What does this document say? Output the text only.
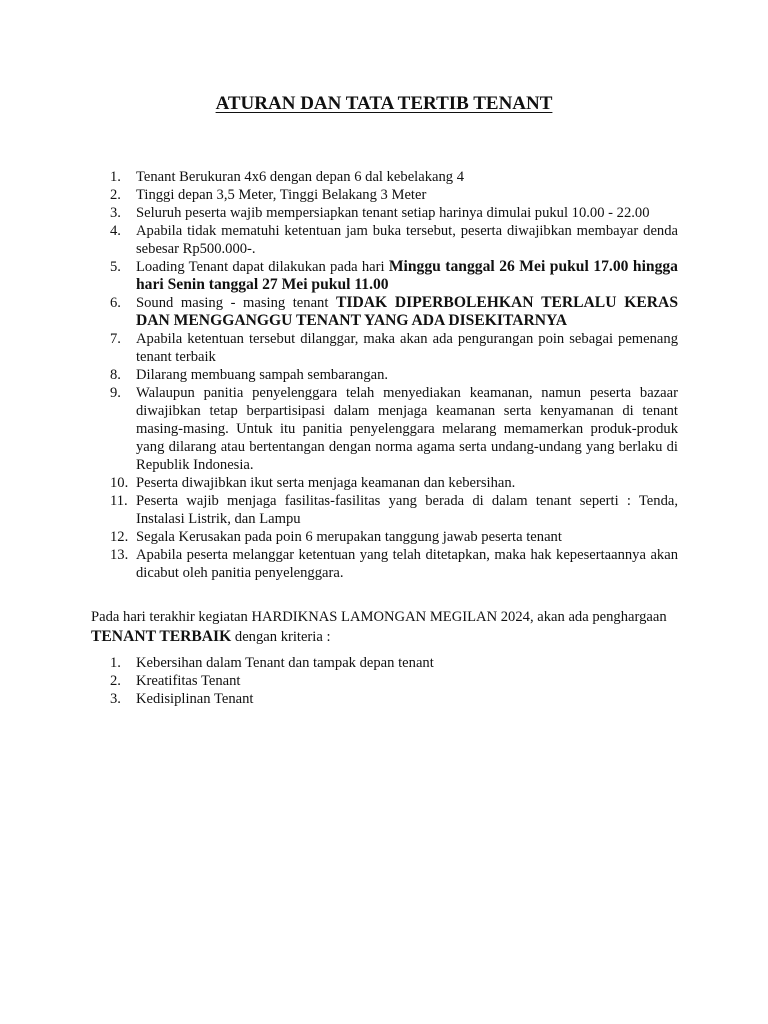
ATURAN DAN TATA TERTIB TENANT
1.	Tenant Berukuran 4x6 dengan depan 6 dal kebelakang 4
2.	Tinggi depan 3,5 Meter, Tinggi Belakang 3 Meter
3.	Seluruh peserta wajib mempersiapkan tenant setiap harinya dimulai pukul 10.00 - 22.00
4.	Apabila tidak mematuhi ketentuan jam buka tersebut, peserta diwajibkan membayar denda sebesar Rp500.000-.
5.	Loading Tenant dapat dilakukan pada hari Minggu tanggal 26 Mei pukul 17.00 hingga hari Senin tanggal 27 Mei pukul 11.00
6.	Sound masing - masing tenant TIDAK DIPERBOLEHKAN TERLALU KERAS DAN MENGGANGGU TENANT YANG ADA DISEKITARNYA
7.	Apabila ketentuan tersebut dilanggar, maka akan ada pengurangan poin sebagai pemenang tenant terbaik
8.	Dilarang membuang sampah sembarangan.
9.	Walaupun panitia penyelenggara telah menyediakan keamanan, namun peserta bazaar diwajibkan tetap berpartisipasi dalam menjaga keamanan serta kenyamanan di tenant masing-masing. Untuk itu panitia penyelenggara melarang memamerkan produk-produk yang dilarang atau bertentangan dengan norma agama serta undang-undang yang berlaku di Republik Indonesia.
10. Peserta diwajibkan ikut serta menjaga keamanan dan kebersihan.
11. Peserta wajib menjaga fasilitas-fasilitas yang berada di dalam tenant seperti : Tenda, Instalasi Listrik, dan Lampu
12. Segala Kerusakan pada poin 6 merupakan tanggung jawab peserta tenant
13. Apabila peserta melanggar ketentuan yang telah ditetapkan, maka hak kepesertaannya akan dicabut oleh panitia penyelenggara.

Pada hari terakhir kegiatan HARDIKNAS LAMONGAN MEGILAN 2024, akan ada penghargaan TENANT TERBAIK dengan kriteria :

1.	Kebersihan dalam Tenant dan tampak depan tenant
2.	Kreatifitas Tenant
3.	Kedisiplinan Tenant
